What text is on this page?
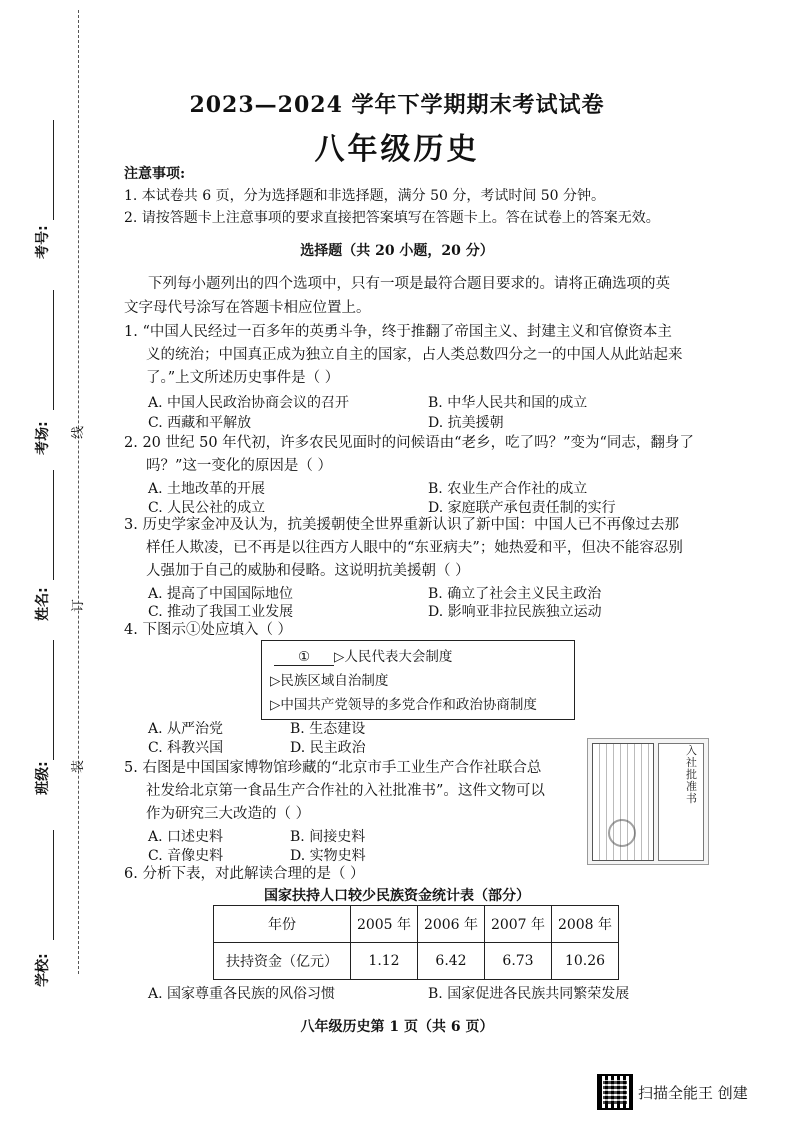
考号:
考场:
姓名:
班级:
学校:
线
订
装
2023—2024 学年下学期期末考试试卷
八年级历史
注意事项:
1. 本试卷共 6 页，分为选择题和非选择题，满分 50 分，考试时间 50 分钟。
2. 请按答题卡上注意事项的要求直接把答案填写在答题卡上。答在试卷上的答案无效。
选择题（共 20 小题，20 分）
下列每小题列出的四个选项中，只有一项是最符合题目要求的。请将正确选项的英
文字母代号涂写在答题卡相应位置上。
1. “中国人民经过一百多年的英勇斗争，终于推翻了帝国主义、封建主义和官僚资本主
义的统治；中国真正成为独立自主的国家，占人类总数四分之一的中国人从此站起来
了。”上文所述历史事件是（ ）
A. 中国人民政治协商会议的召开	B. 中华人民共和国的成立
C. 西藏和平解放	D. 抗美援朝
2. 20 世纪 50 年代初，许多农民见面时的问候语由“老乡，吃了吗？”变为“同志，翻身了
吗？”这一变化的原因是（ ）
A. 土地改革的开展	B. 农业生产合作社的成立
C. 人民公社的成立	D. 家庭联产承包责任制的实行
3. 历史学家金冲及认为，抗美援朝使全世界重新认识了新中国：中国人已不再像过去那
样任人欺凌，已不再是以往西方人眼中的“东亚病夫”；她热爱和平，但决不能容忍别
人强加于自己的威胁和侵略。这说明抗美援朝（ ）
A. 提高了中国国际地位	B. 确立了社会主义民主政治
C. 推动了我国工业发展	D. 影响亚非拉民族独立运动
4. 下图示①处应填入（ ）
① ▷人民代表大会制度
▷民族区域自治制度
▷中国共产党领导的多党合作和政治协商制度
A. 从严治党	B. 生态建设
C. 科教兴国	D. 民主政治
5. 右图是中国国家博物馆珍藏的“北京市手工业生产合作社联合总
社发给北京第一食品生产合作社的入社批准书”。这件文物可以
作为研究三大改造的（ ）
A. 口述史料	B. 间接史料
C. 音像史料	D. 实物史料
入社批准书
6. 分析下表，对此解读合理的是（ ）
国家扶持人口较少民族资金统计表（部分）
年份	2005 年	2006 年	2007 年	2008 年
扶持资金（亿元）	1.12	6.42	6.73	10.26
A. 国家尊重各民族的风俗习惯	B. 国家促进各民族共同繁荣发展
八年级历史第 1 页（共 6 页）
扫描全能王 创建
